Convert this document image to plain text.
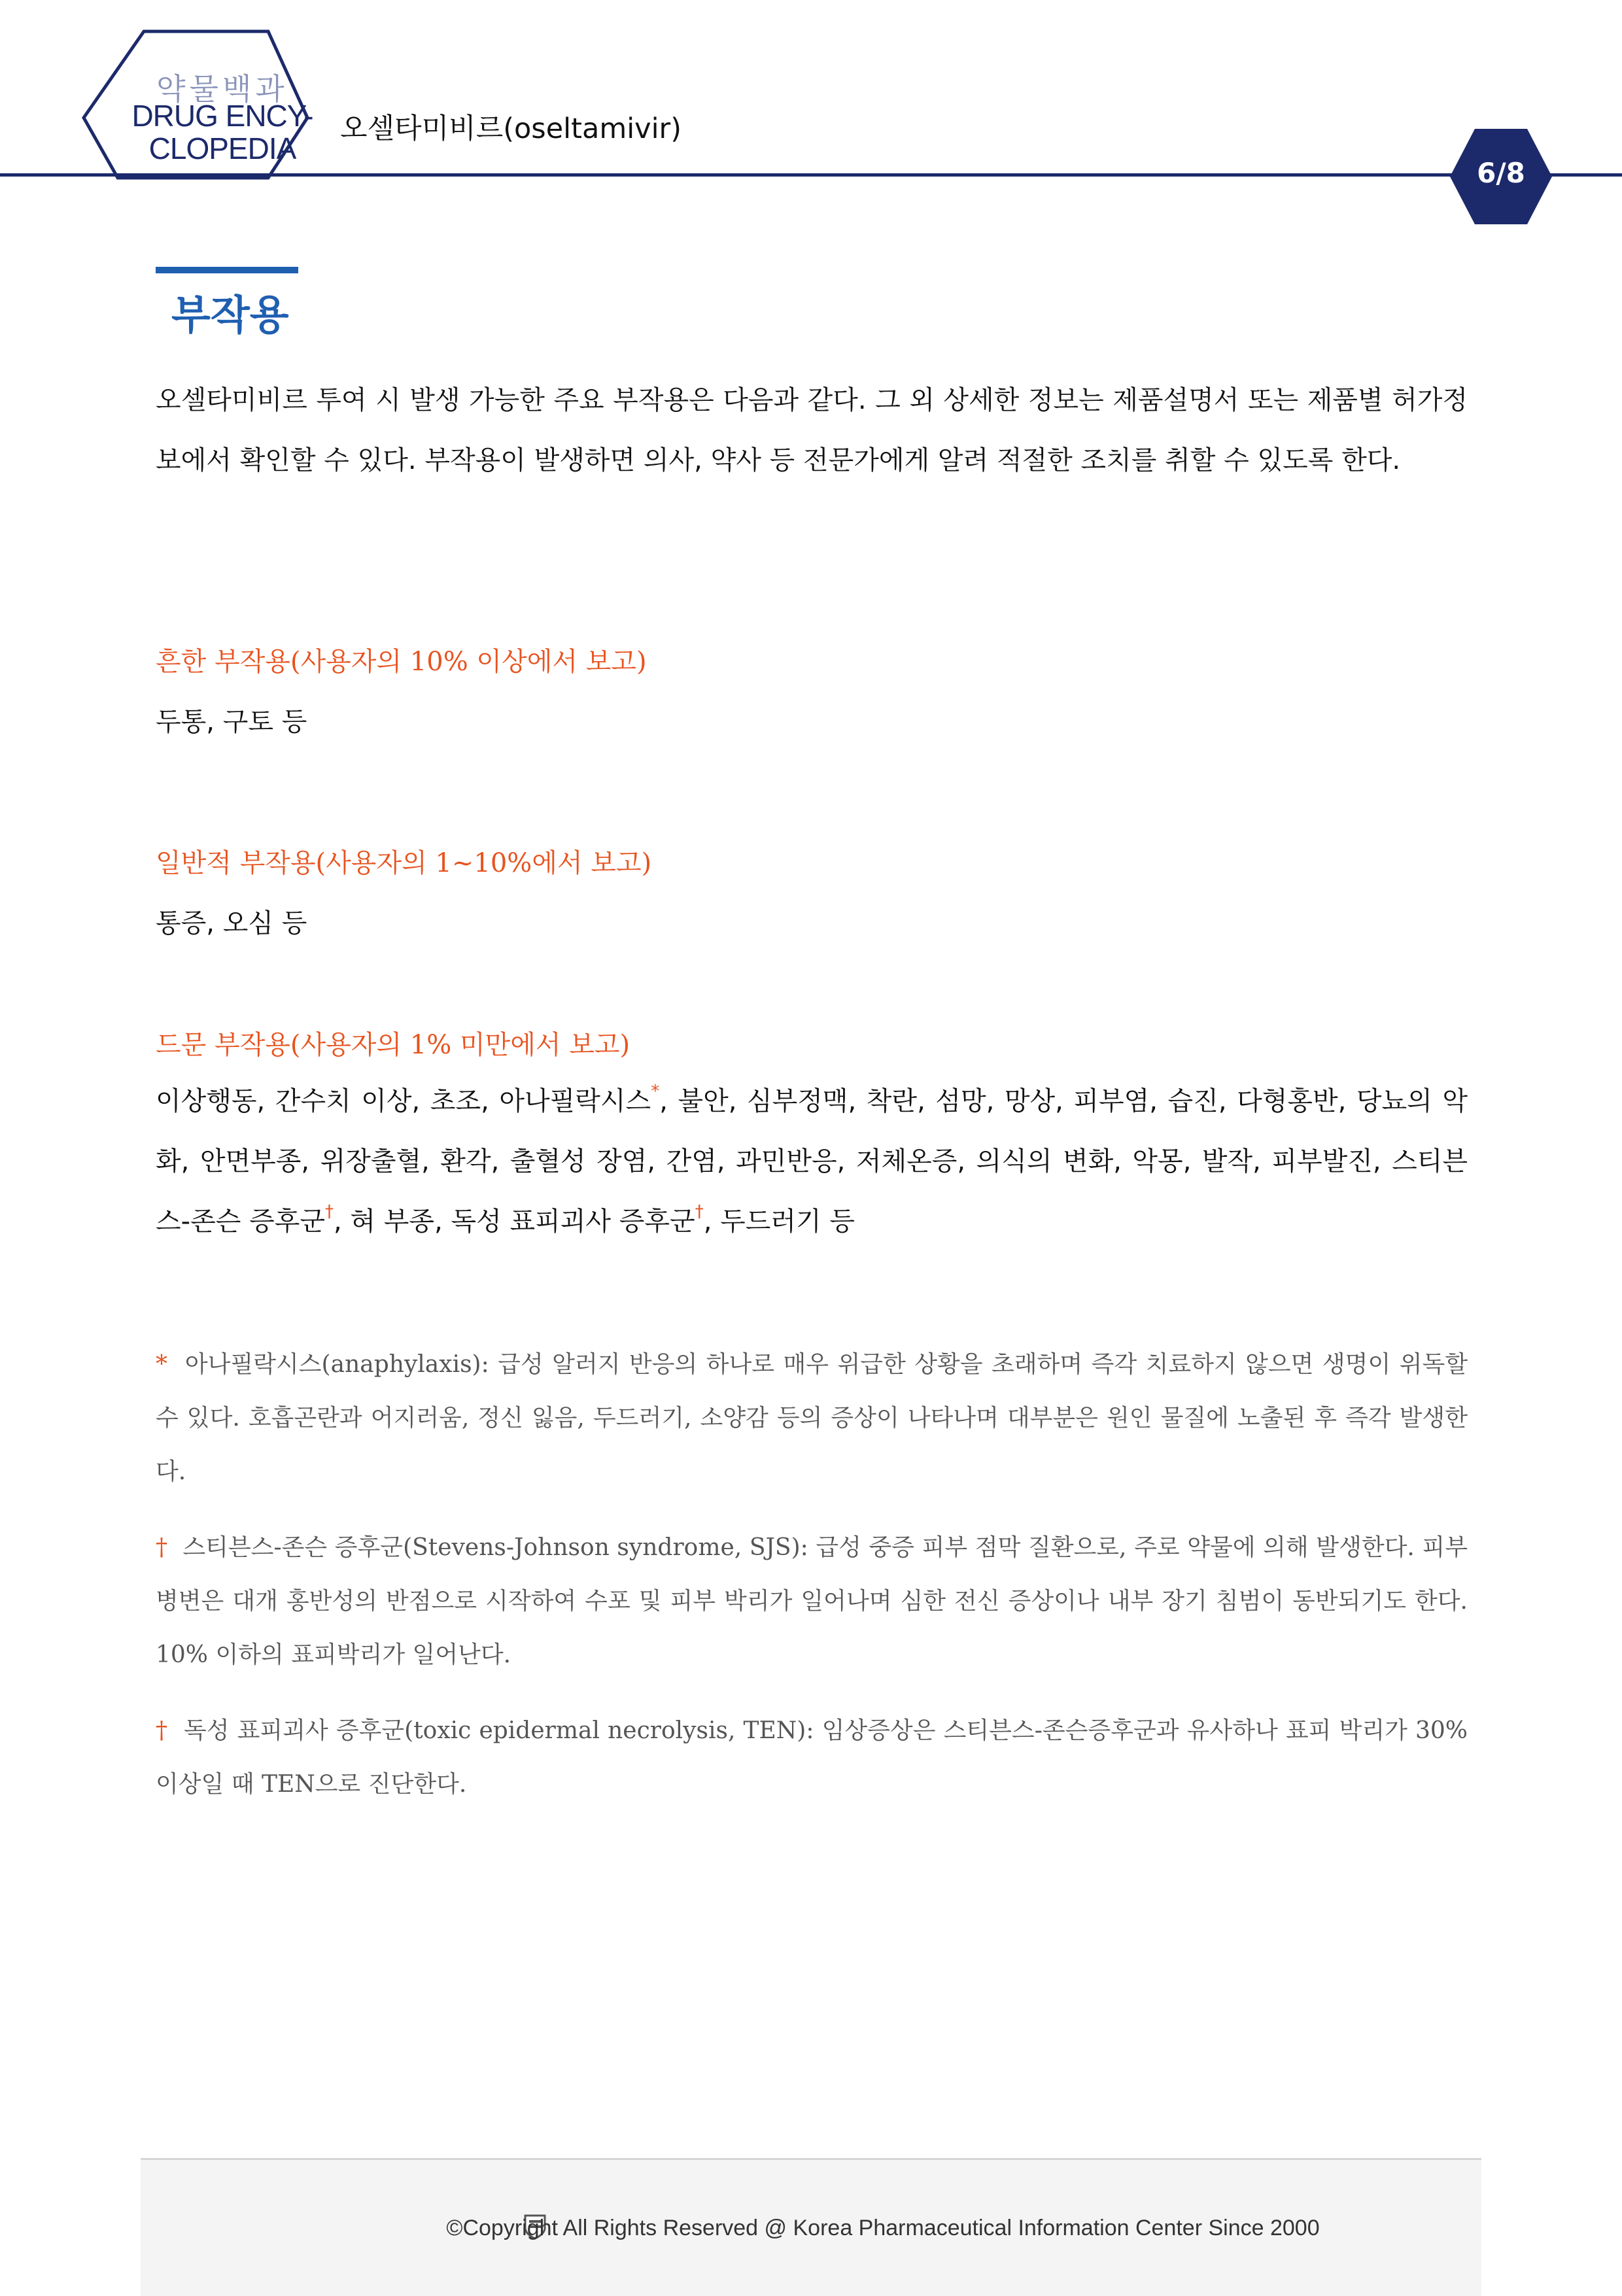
약물백과
DRUG ENCY-
CLOPEDIA
오셀타미비르(oseltamivir)
6/8
부작용
오셀타미비르 투여 시 발생 가능한 주요 부작용은 다음과 같다. 그 외 상세한 정보는 제품설명서 또는 제품별 허가정보에서 확인할 수 있다. 부작용이 발생하면 의사, 약사 등 전문가에게 알려 적절한 조치를 취할 수 있도록 한다.
흔한 부작용(사용자의 10% 이상에서 보고)
두통, 구토 등
일반적 부작용(사용자의 1~10%에서 보고)
통증, 오심 등
드문 부작용(사용자의 1% 미만에서 보고)
이상행동, 간수치 이상, 초조, 아나필락시스*, 불안, 심부정맥, 착란, 섬망, 망상, 피부염, 습진, 다형홍반, 당뇨의 악화, 안면부종, 위장출혈, 환각, 출혈성 장염, 간염, 과민반응, 저체온증, 의식의 변화, 악몽, 발작, 피부발진, 스티븐스-존슨 증후군†, 혀 부종, 독성 표피괴사 증후군†, 두드러기 등
* 아나필락시스(anaphylaxis): 급성 알러지 반응의 하나로 매우 위급한 상황을 초래하며 즉각 치료하지 않으면 생명이 위독할 수 있다. 호흡곤란과 어지러움, 정신 잃음, 두드러기, 소양감 등의 증상이 나타나며 대부분은 원인 물질에 노출된 후 즉각 발생한다.
† 스티븐스-존슨 증후군(Stevens-Johnson syndrome, SJS): 급성 중증 피부 점막 질환으로, 주로 약물에 의해 발생한다. 피부 병변은 대개 홍반성의 반점으로 시작하여 수포 및 피부 박리가 일어나며 심한 전신 증상이나 내부 장기 침범이 동반되기도 한다. 10% 이하의 표피박리가 일어난다.
† 독성 표피괴사 증후군(toxic epidermal necrolysis, TEN): 임상증상은 스티븐스-존슨증후군과 유사하나 표피 박리가 30% 이상일 때 TEN으로 진단한다.
©Copyright All Rights Reserved @ Korea Pharmaceutical Information Center Since 2000
